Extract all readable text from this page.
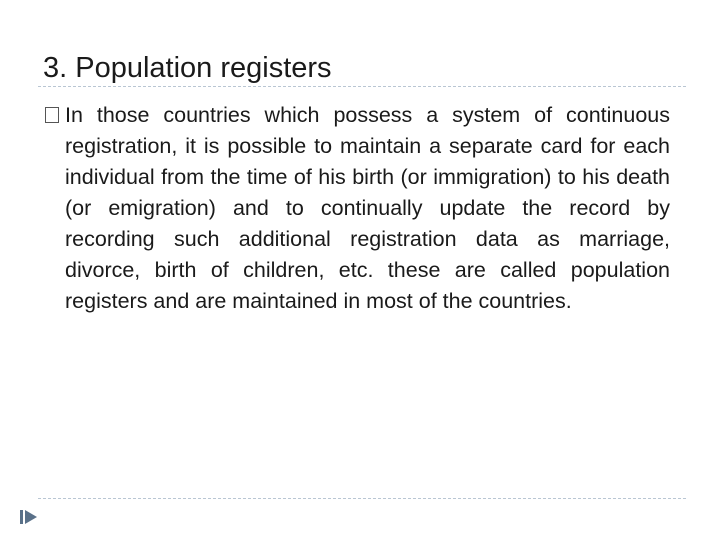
3. Population registers
In those countries which possess a system of continuous registration, it is possible to maintain a separate card for each individual from the time of his birth (or immigration) to his death (or emigration) and to continually update the record by recording such additional registration data as marriage, divorce, birth of children, etc. these are called population registers and are maintained in most of the countries.
